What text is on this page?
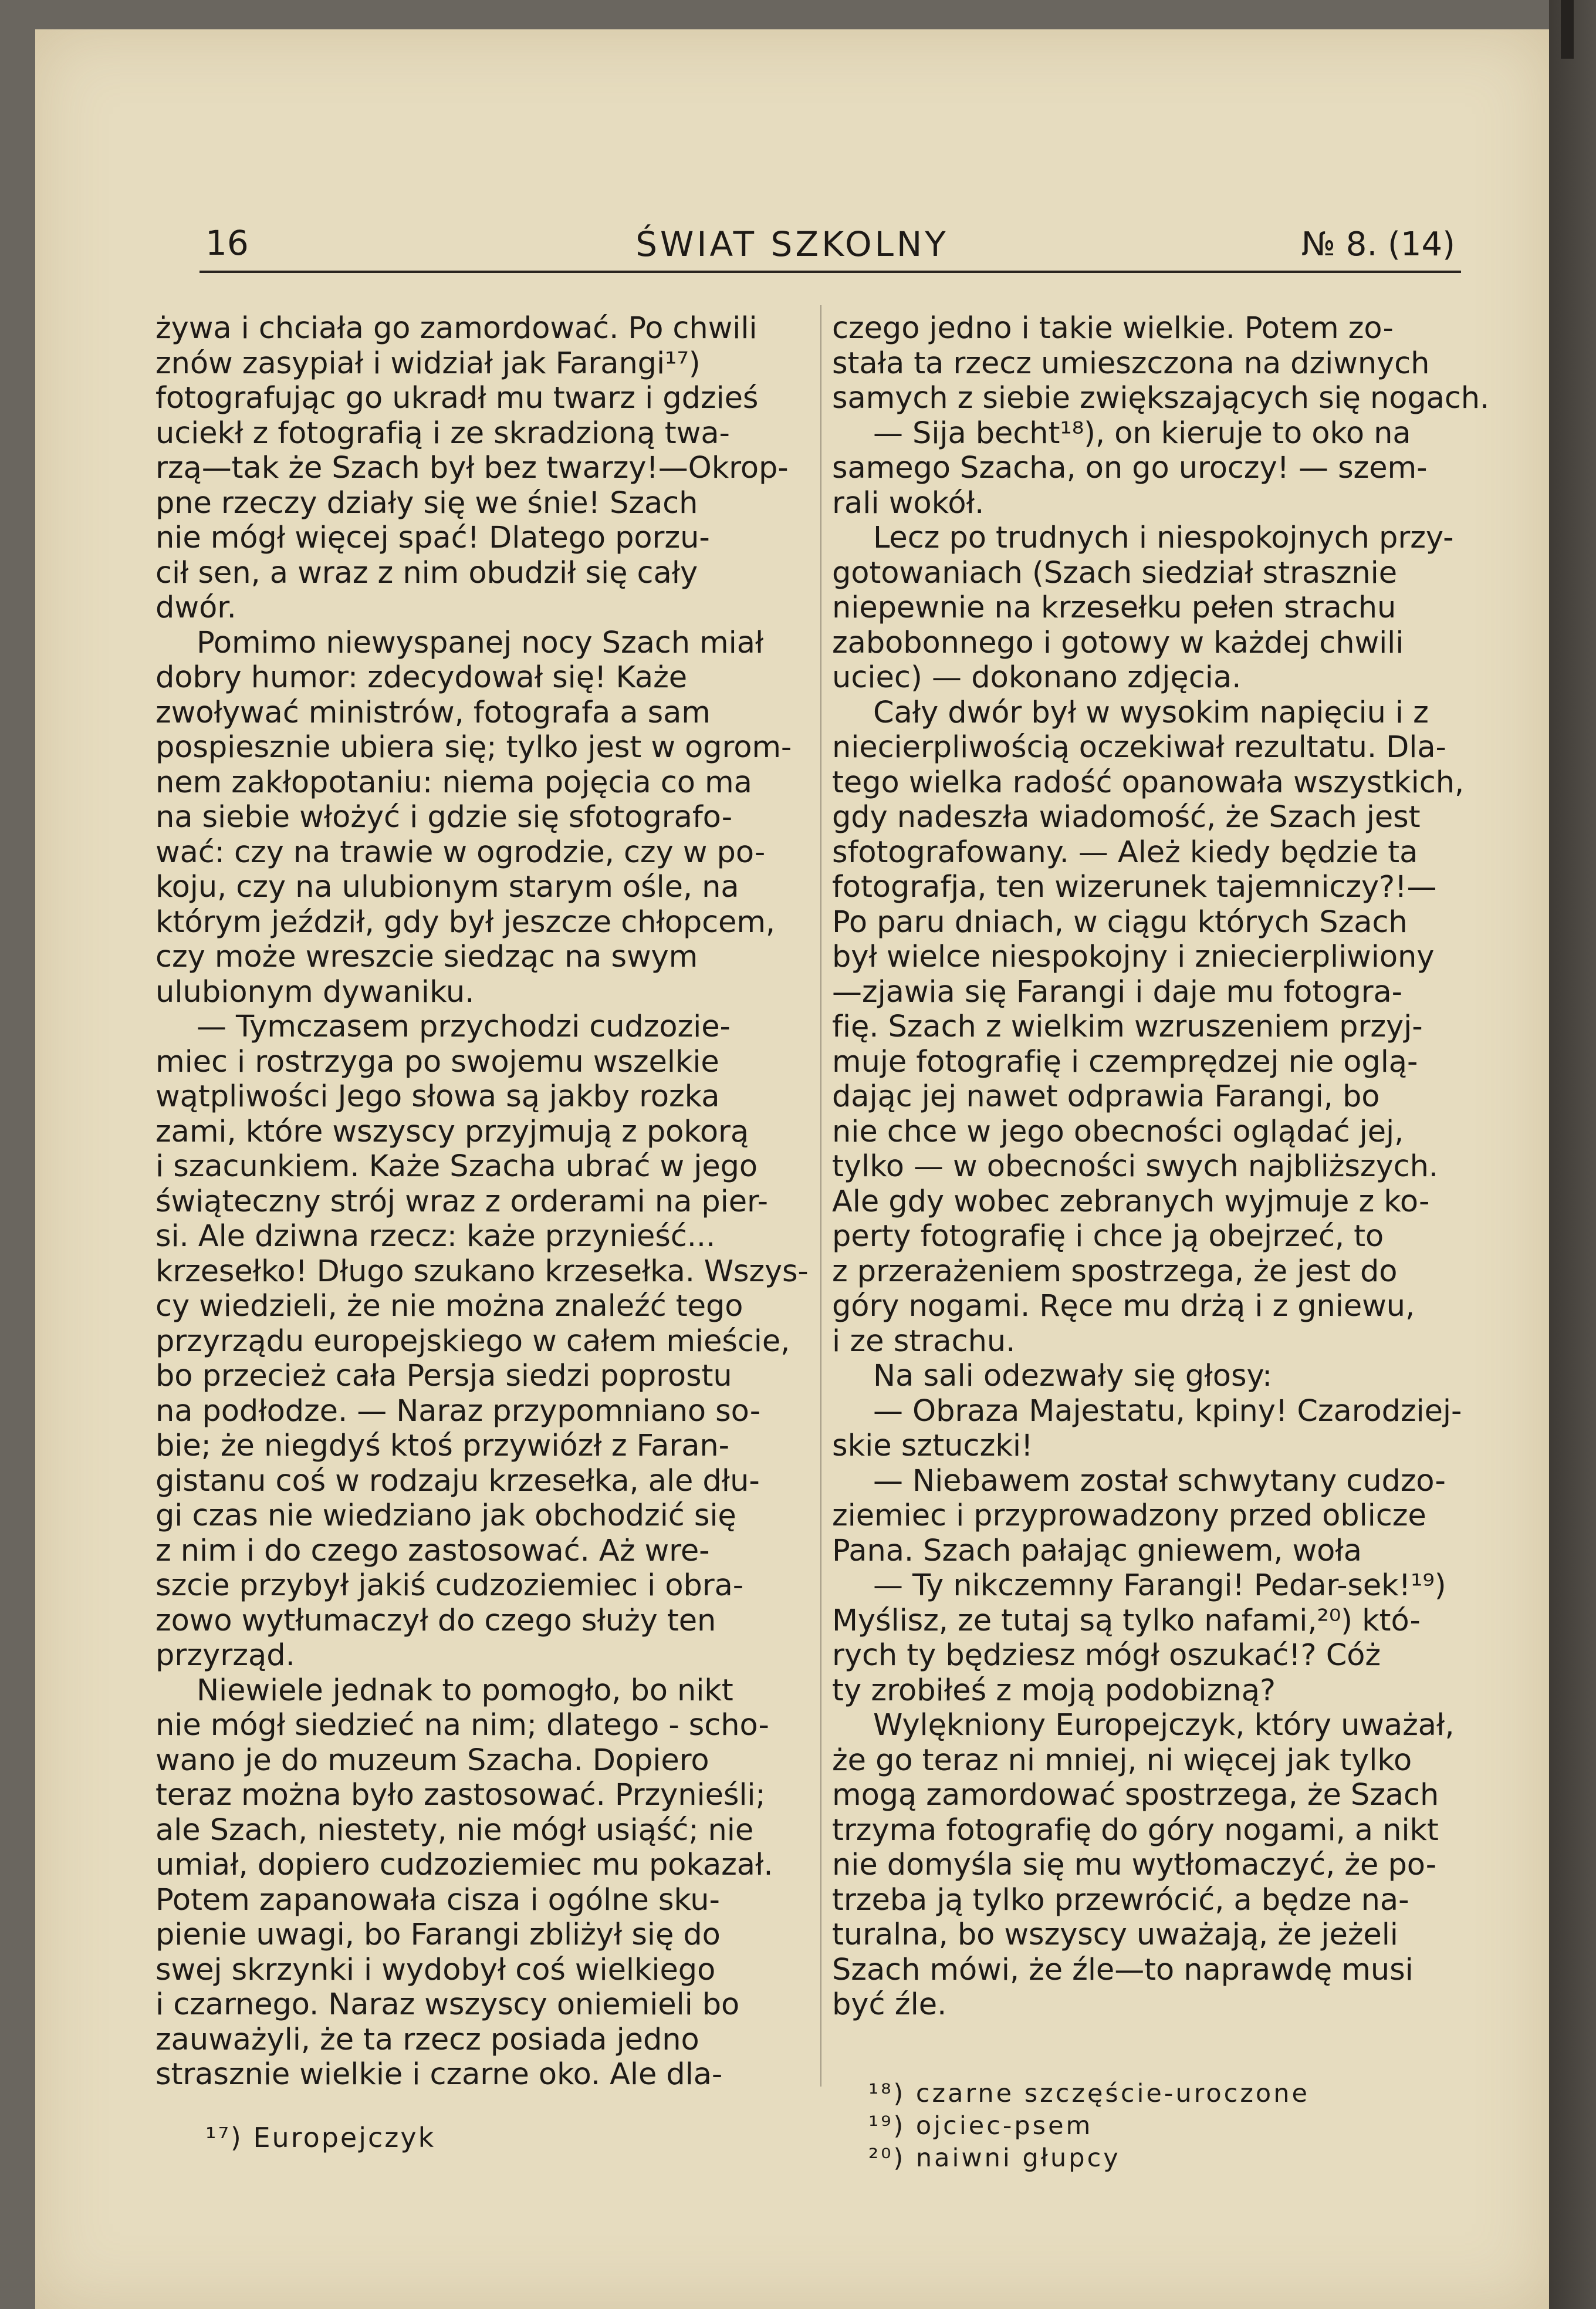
16	ŚWIAT SZKOLNY	№ 8. (14)
żywa i chciała go zamordować. Po chwili
znów zasypiał i widział jak Farangi¹⁷)
fotografując go ukradł mu twarz i gdzieś
uciekł z fotografią i ze skradzioną twa-
rzą—tak że Szach był bez twarzy!—Okrop-
pne rzeczy działy się we śnie! Szach
nie mógł więcej spać! Dlatego porzu-
cił sen, a wraz z nim obudził się cały
dwór.
Pomimo niewyspanej nocy Szach miał
dobry humor: zdecydował się! Każe
zwoływać ministrów, fotografa a sam
pospiesznie ubiera się; tylko jest w ogrom-
nem zakłopotaniu: niema pojęcia co ma
na siebie włożyć i gdzie się sfotografo-
wać: czy na trawie w ogrodzie, czy w po-
koju, czy na ulubionym starym ośle, na
którym jeździł, gdy był jeszcze chłopcem,
czy może wreszcie siedząc na swym
ulubionym dywaniku.
— Tymczasem przychodzi cudzozie-
miec i rostrzyga po swojemu wszelkie
wątpliwości Jego słowa są jakby rozka
zami, które wszyscy przyjmują z pokorą
i szacunkiem. Każe Szacha ubrać w jego
świąteczny strój wraz z orderami na pier-
si. Ale dziwna rzecz: każe przynieść...
krzesełko! Długo szukano krzesełka. Wszys-
cy wiedzieli, że nie można znaleźć tego
przyrządu europejskiego w całem mieście,
bo przecież cała Persja siedzi poprostu
na podłodze. — Naraz przypomniano so-
bie; że niegdyś ktoś przywiózł z Faran-
gistanu coś w rodzaju krzesełka, ale dłu-
gi czas nie wiedziano jak obchodzić się
z nim i do czego zastosować. Aż wre-
szcie przybył jakiś cudzoziemiec i obra-
zowo wytłumaczył do czego służy ten
przyrząd.
Niewiele jednak to pomogło, bo nikt
nie mógł siedzieć na nim; dlatego - scho-
wano je do muzeum Szacha. Dopiero
teraz można było zastosować. Przynieśli;
ale Szach, niestety, nie mógł usiąść; nie
umiał, dopiero cudzoziemiec mu pokazał.
Potem zapanowała cisza i ogólne sku-
pienie uwagi, bo Farangi zbliżył się do
swej skrzynki i wydobył coś wielkiego
i czarnego. Naraz wszyscy oniemieli bo
zauważyli, że ta rzecz posiada jedno
strasznie wielkie i czarne oko. Ale dla-
czego jedno i takie wielkie. Potem zo-
stała ta rzecz umieszczona na dziwnych
samych z siebie zwiększających się nogach.
— Sija becht¹⁸), on kieruje to oko na
samego Szacha, on go uroczy! — szem-
rali wokół.
Lecz po trudnych i niespokojnych przy-
gotowaniach (Szach siedział strasznie
niepewnie na krzesełku pełen strachu
zabobonnego i gotowy w każdej chwili
uciec) — dokonano zdjęcia.
Cały dwór był w wysokim napięciu i z
niecierpliwością oczekiwał rezultatu. Dla-
tego wielka radość opanowała wszystkich,
gdy nadeszła wiadomość, że Szach jest
sfotografowany. — Ależ kiedy będzie ta
fotografja, ten wizerunek tajemniczy?!—
Po paru dniach, w ciągu których Szach
był wielce niespokojny i zniecierpliwiony
—zjawia się Farangi i daje mu fotogra-
fię. Szach z wielkim wzruszeniem przyj-
muje fotografię i czemprędzej nie oglą-
dając jej nawet odprawia Farangi, bo
nie chce w jego obecności oglądać jej,
tylko — w obecności swych najbliższych.
Ale gdy wobec zebranych wyjmuje z ko-
perty fotografię i chce ją obejrzeć, to
z przerażeniem spostrzega, że jest do
góry nogami. Ręce mu drżą i z gniewu,
i ze strachu.
Na sali odezwały się głosy:
— Obraza Majestatu, kpiny! Czarodziej-
skie sztuczki!
— Niebawem został schwytany cudzo-
ziemiec i przyprowadzony przed oblicze
Pana. Szach pałając gniewem, woła
— Ty nikczemny Farangi! Pedar-sek!¹⁹)
Myślisz, ze tutaj są tylko nafami,²⁰) któ-
rych ty będziesz mógł oszukać!? Cóż
ty zrobiłeś z moją podobizną?
Wylękniony Europejczyk, który uważał,
że go teraz ni mniej, ni więcej jak tylko
mogą zamordować spostrzega, że Szach
trzyma fotografię do góry nogami, a nikt
nie domyśla się mu wytłomaczyć, że po-
trzeba ją tylko przewrócić, a będze na-
turalna, bo wszyscy uważają, że jeżeli
Szach mówi, że źle—to naprawdę musi
być źle.
¹⁷) Europejczyk
¹⁸) czarne szczęście-uroczone
¹⁹) ojciec-psem
²⁰) naiwni głupcy
